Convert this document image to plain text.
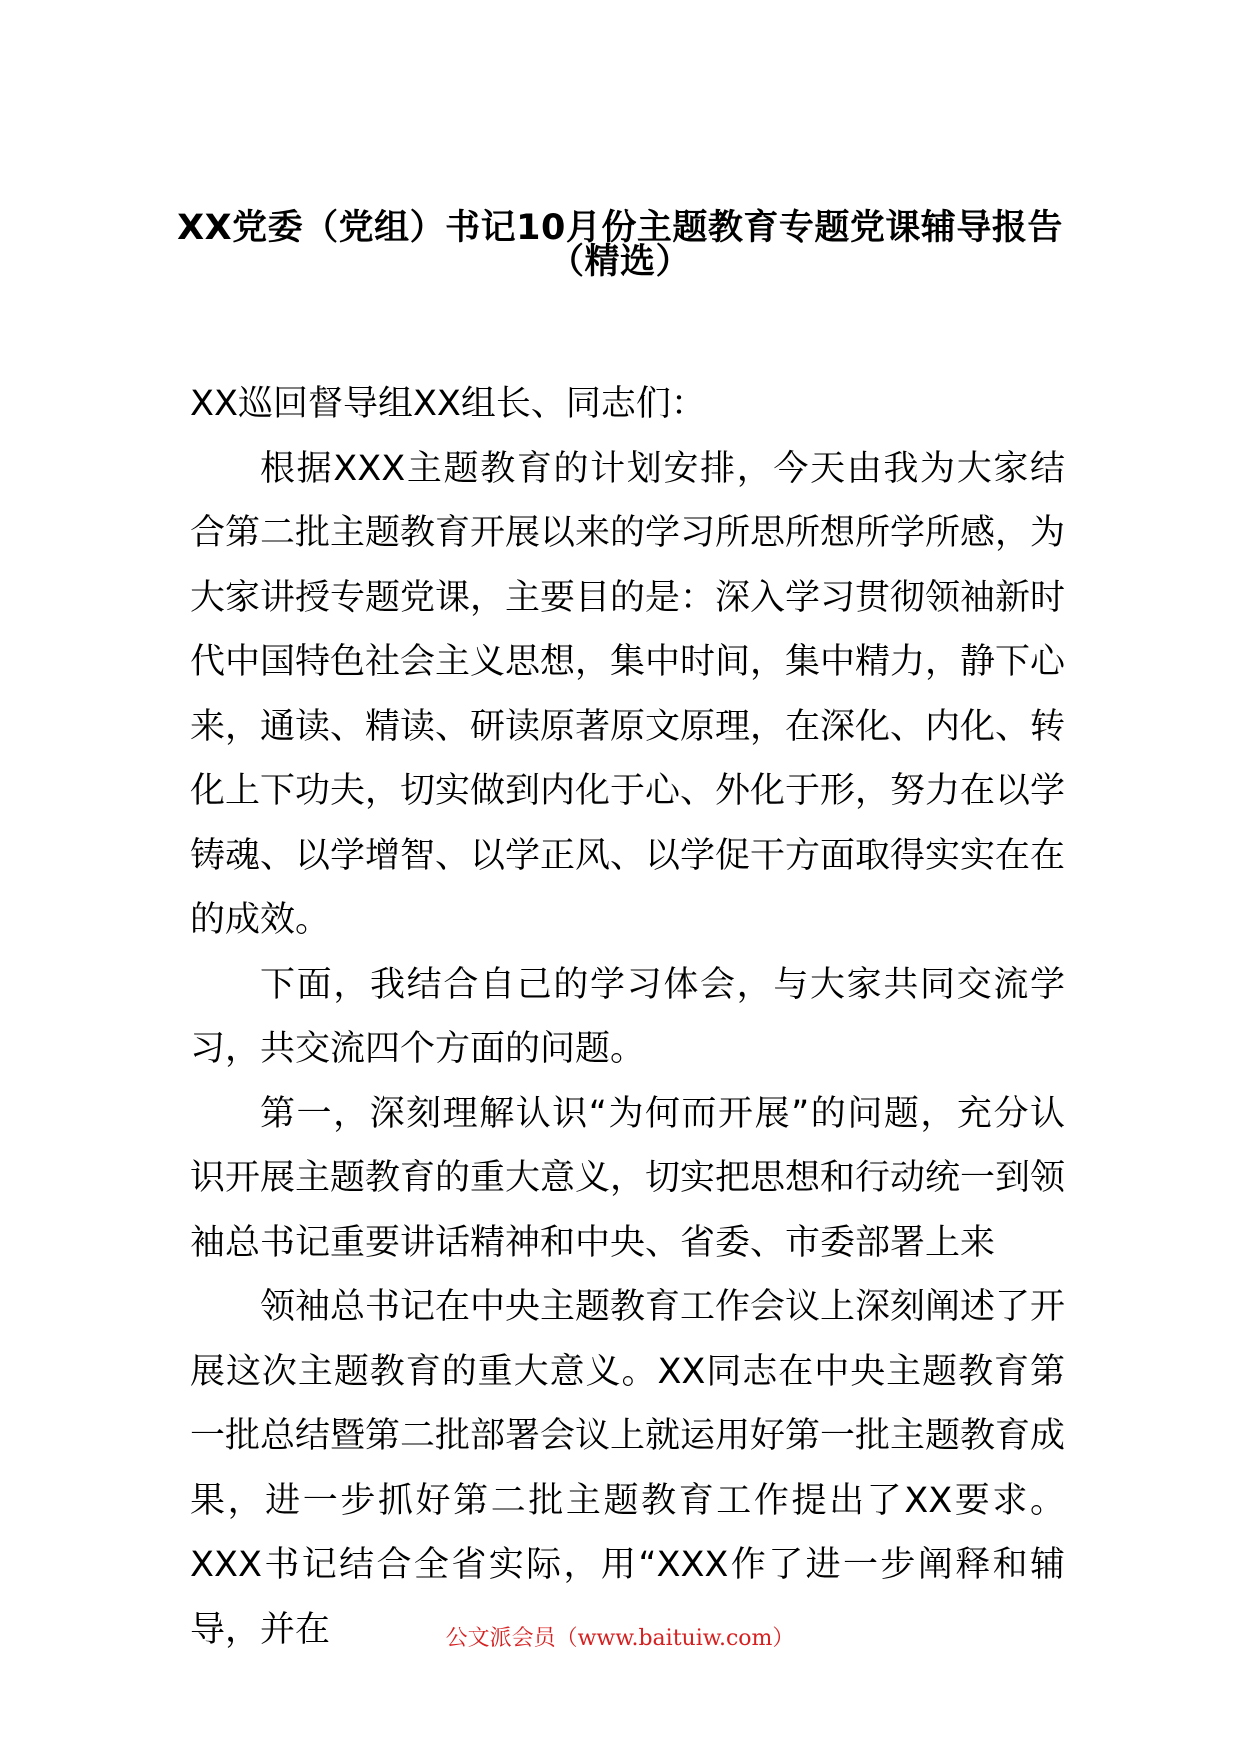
XX党委（党组）书记10月份主题教育专题党课辅导报告
（精选）

XX巡回督导组XX组长、同志们：

根据XXX主题教育的计划安排，今天由我为大家结合第二批主题教育开展以来的学习所思所想所学所感，为大家讲授专题党课，主要目的是：深入学习贯彻领袖新时代中国特色社会主义思想，集中时间，集中精力，静下心来，通读、精读、研读原著原文原理，在深化、内化、转化上下功夫，切实做到内化于心、外化于形，努力在以学铸魂、以学增智、以学正风、以学促干方面取得实实在在的成效。

下面，我结合自己的学习体会，与大家共同交流学习，共交流四个方面的问题。

第一，深刻理解认识“为何而开展”的问题，充分认识开展主题教育的重大意义，切实把思想和行动统一到领袖总书记重要讲话精神和中央、省委、市委部署上来

领袖总书记在中央主题教育工作会议上深刻阐述了开展这次主题教育的重大意义。XX同志在中央主题教育第一批总结暨第二批部署会议上就运用好第一批主题教育成果，进一步抓好第二批主题教育工作提出了XX要求。XXX书记结合全省实际，用“XXX作了进一步阐释和辅导，并在	公文派会员（www.baituiw.com）
